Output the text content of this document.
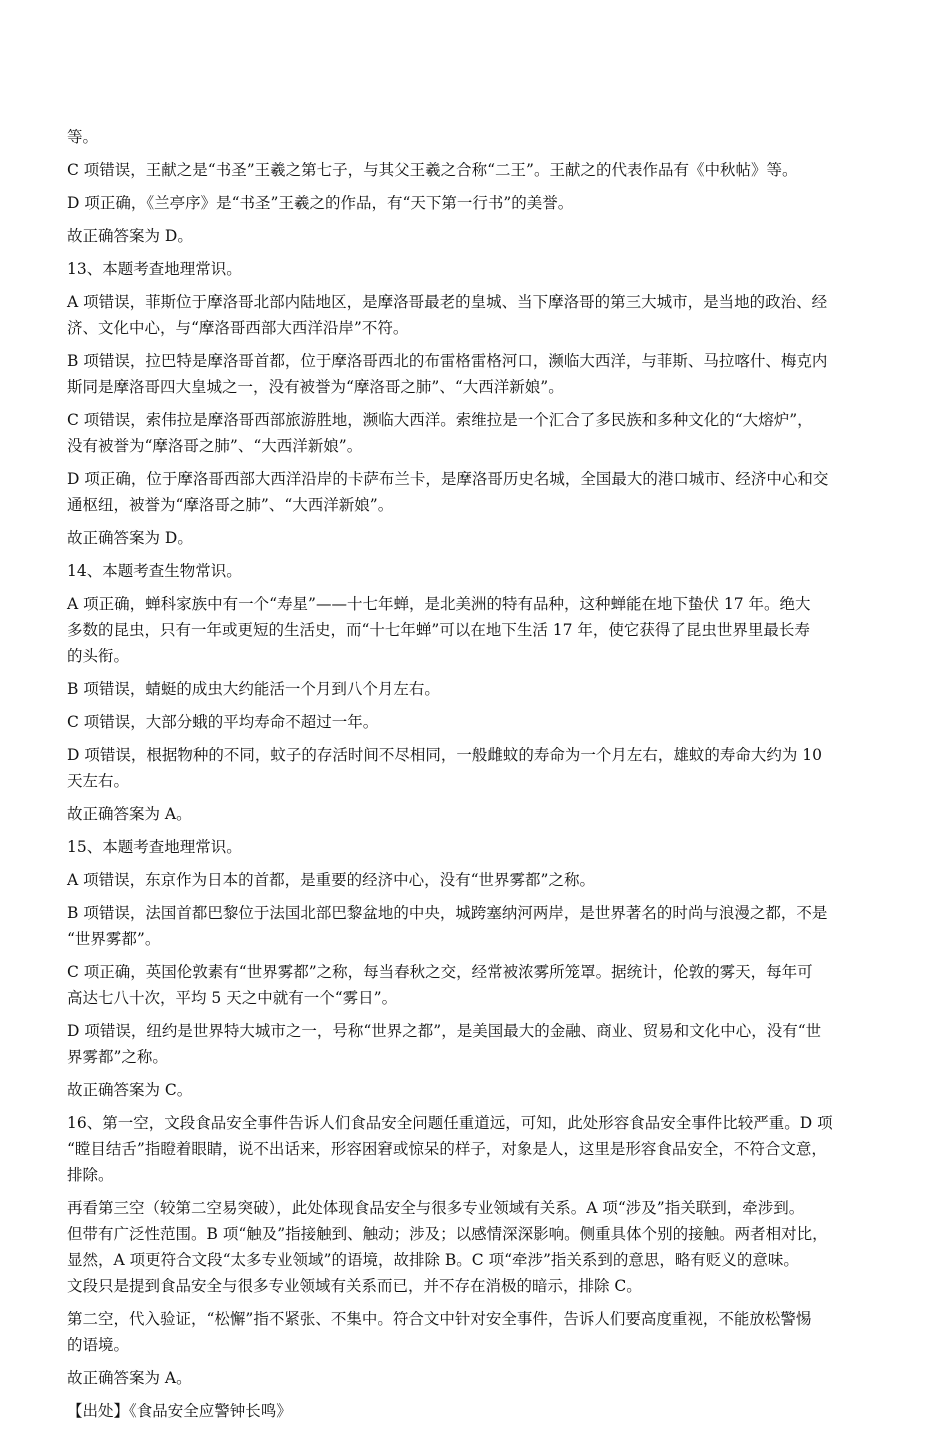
等。
C 项错误，王献之是“书圣”王羲之第七子，与其父王羲之合称“二王”。王献之的代表作品有《中秋帖》等。
D 项正确，《兰亭序》是“书圣”王羲之的作品，有“天下第一行书”的美誉。
故正确答案为 D。
13、本题考查地理常识。
A 项错误，菲斯位于摩洛哥北部内陆地区，是摩洛哥最老的皇城、当下摩洛哥的第三大城市，是当地的政治、经
济、文化中心，与“摩洛哥西部大西洋沿岸”不符。
B 项错误，拉巴特是摩洛哥首都，位于摩洛哥西北的布雷格雷格河口，濒临大西洋，与菲斯、马拉喀什、梅克内
斯同是摩洛哥四大皇城之一，没有被誉为“摩洛哥之肺”、“大西洋新娘”。
C 项错误，索伟拉是摩洛哥西部旅游胜地，濒临大西洋。索维拉是一个汇合了多民族和多种文化的“大熔炉”，
没有被誉为“摩洛哥之肺”、“大西洋新娘”。
D 项正确，位于摩洛哥西部大西洋沿岸的卡萨布兰卡，是摩洛哥历史名城，全国最大的港口城市、经济中心和交
通枢纽，被誉为“摩洛哥之肺”、“大西洋新娘”。
故正确答案为 D。
14、本题考查生物常识。
A 项正确，蝉科家族中有一个“寿星”——十七年蝉，是北美洲的特有品种，这种蝉能在地下蛰伏 17 年。绝大
多数的昆虫，只有一年或更短的生活史，而“十七年蝉”可以在地下生活 17 年，使它获得了昆虫世界里最长寿
的头衔。
B 项错误，蜻蜓的成虫大约能活一个月到八个月左右。
C 项错误，大部分蛾的平均寿命不超过一年。
D 项错误，根据物种的不同，蚊子的存活时间不尽相同，一般雌蚊的寿命为一个月左右，雄蚊的寿命大约为 10
天左右。
故正确答案为 A。
15、本题考查地理常识。
A 项错误，东京作为日本的首都，是重要的经济中心，没有“世界雾都”之称。
B 项错误，法国首都巴黎位于法国北部巴黎盆地的中央，城跨塞纳河两岸，是世界著名的时尚与浪漫之都，不是
“世界雾都”。
C 项正确，英国伦敦素有“世界雾都”之称，每当春秋之交，经常被浓雾所笼罩。据统计，伦敦的雾天，每年可
高达七八十次，平均 5 天之中就有一个“雾日”。
D 项错误，纽约是世界特大城市之一，号称“世界之都”，是美国最大的金融、商业、贸易和文化中心，没有“世
界雾都”之称。
故正确答案为 C。
16、第一空，文段食品安全事件告诉人们食品安全问题任重道远，可知，此处形容食品安全事件比较严重。D 项
“瞠目结舌”指瞪着眼睛，说不出话来，形容困窘或惊呆的样子，对象是人，这里是形容食品安全，不符合文意，
排除。
再看第三空（较第二空易突破），此处体现食品安全与很多专业领域有关系。A 项“涉及”指关联到，牵涉到。
但带有广泛性范围。B 项“触及”指接触到、触动；涉及；以感情深深影响。侧重具体个别的接触。两者相对比，
显然，A 项更符合文段“太多专业领域”的语境，故排除 B。C 项“牵涉”指关系到的意思，略有贬义的意味。
文段只是提到食品安全与很多专业领域有关系而已，并不存在消极的暗示，排除 C。
第二空，代入验证，“松懈”指不紧张、不集中。符合文中针对安全事件，告诉人们要高度重视，不能放松警惕
的语境。
故正确答案为 A。
【出处】《食品安全应警钟长鸣》
